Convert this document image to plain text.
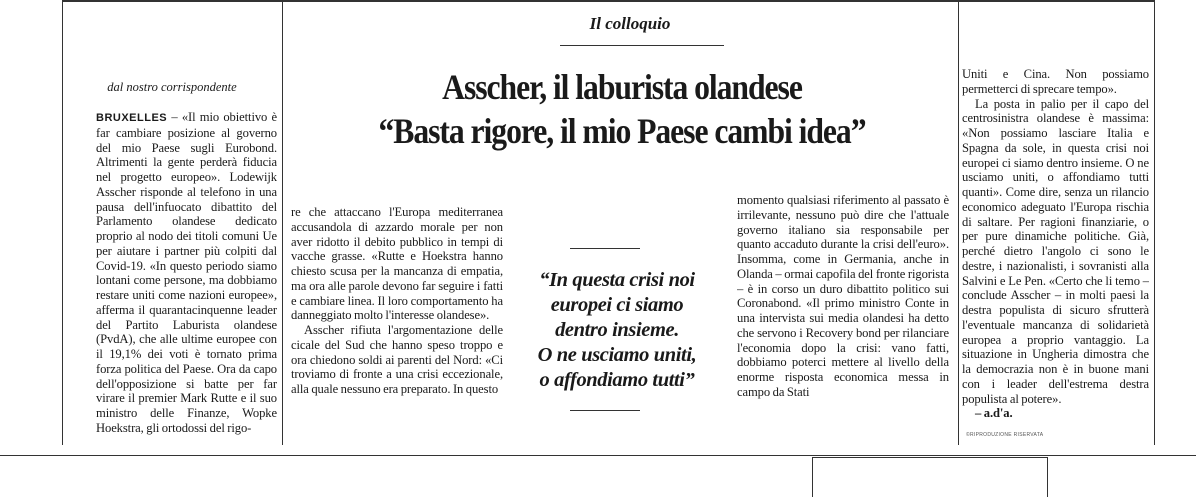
Il colloquio
dal nostro corrispondente	Asscher, il laburista olandese
“Basta rigore, il mio Paese cambi idea”

BRUXELLES – «Il mio obiettivo è far cambiare posizione al governo del mio Paese sugli Eurobond. Altrimenti la gente perderà fiducia nel progetto europeo». Lodewijk Asscher risponde al telefono in una pausa dell'infuocato dibattito del Parlamento olandese dedicato proprio al nodo dei titoli comuni Ue per aiutare i partner più colpiti dal Covid-19. «In questo periodo siamo lontani come persone, ma dobbiamo restare uniti come nazioni europee», afferma il quarantacinquenne leader del Partito Laburista olandese (PvdA), che alle ultime europee con il 19,1% dei voti è tornato prima forza politica del Paese. Ora da capo dell'opposizione si batte per far virare il premier Mark Rutte e il suo ministro delle Finanze, Wopke Hoekstra, gli ortodossi del rigo-

re che attaccano l'Europa mediterranea accusandola di azzardo morale per non aver ridotto il debito pubblico in tempi di vacche grasse. «Rutte e Hoekstra hanno chiesto scusa per la mancanza di empatia, ma ora alle parole devono far seguire i fatti e cambiare linea. Il loro comportamento ha danneggiato molto l'interesse olandese».

Asscher rifiuta l'argomentazione delle cicale del Sud che hanno speso troppo e ora chiedono soldi ai parenti del Nord: «Ci troviamo di fronte a una crisi eccezionale, alla quale nessuno era preparato. In questo

“In questa crisi noi
europei ci siamo
dentro insieme.
O ne usciamo uniti,
o affondiamo tutti”

momento qualsiasi riferimento al passato è irrilevante, nessuno può dire che l'attuale governo italiano sia responsabile per quanto accaduto durante la crisi dell'euro». Insomma, come in Germania, anche in Olanda – ormai capofila del fronte rigorista – è in corso un duro dibattito politico sui Coronabond. «Il primo ministro Conte in una intervista sui media olandesi ha detto che servono i Recovery bond per rilanciare l'economia dopo la crisi: vano fatti, dobbiamo poterci mettere al livello della enorme risposta economica messa in campo da Stati

Uniti e Cina. Non possiamo permetterci di sprecare tempo».

La posta in palio per il capo del centrosinistra olandese è massima: «Non possiamo lasciare Italia e Spagna da sole, in questa crisi noi europei ci siamo dentro insieme. O ne usciamo uniti, o affondiamo tutti quanti». Come dire, senza un rilancio economico adeguato l'Europa rischia di saltare. Per ragioni finanziarie, o per pure dinamiche politiche. Già, perché dietro l'angolo ci sono le destre, i nazionalisti, i sovranisti alla Salvini e Le Pen. «Certo che li temo – conclude Asscher – in molti paesi la destra populista di sicuro sfrutterà l'eventuale mancanza di solidarietà europea a proprio vantaggio. La situazione in Ungheria dimostra che la democrazia non è in buone mani con i leader dell'estrema destra populista al potere».

– a.d'a.

©RIPRODUZIONE RISERVATA
